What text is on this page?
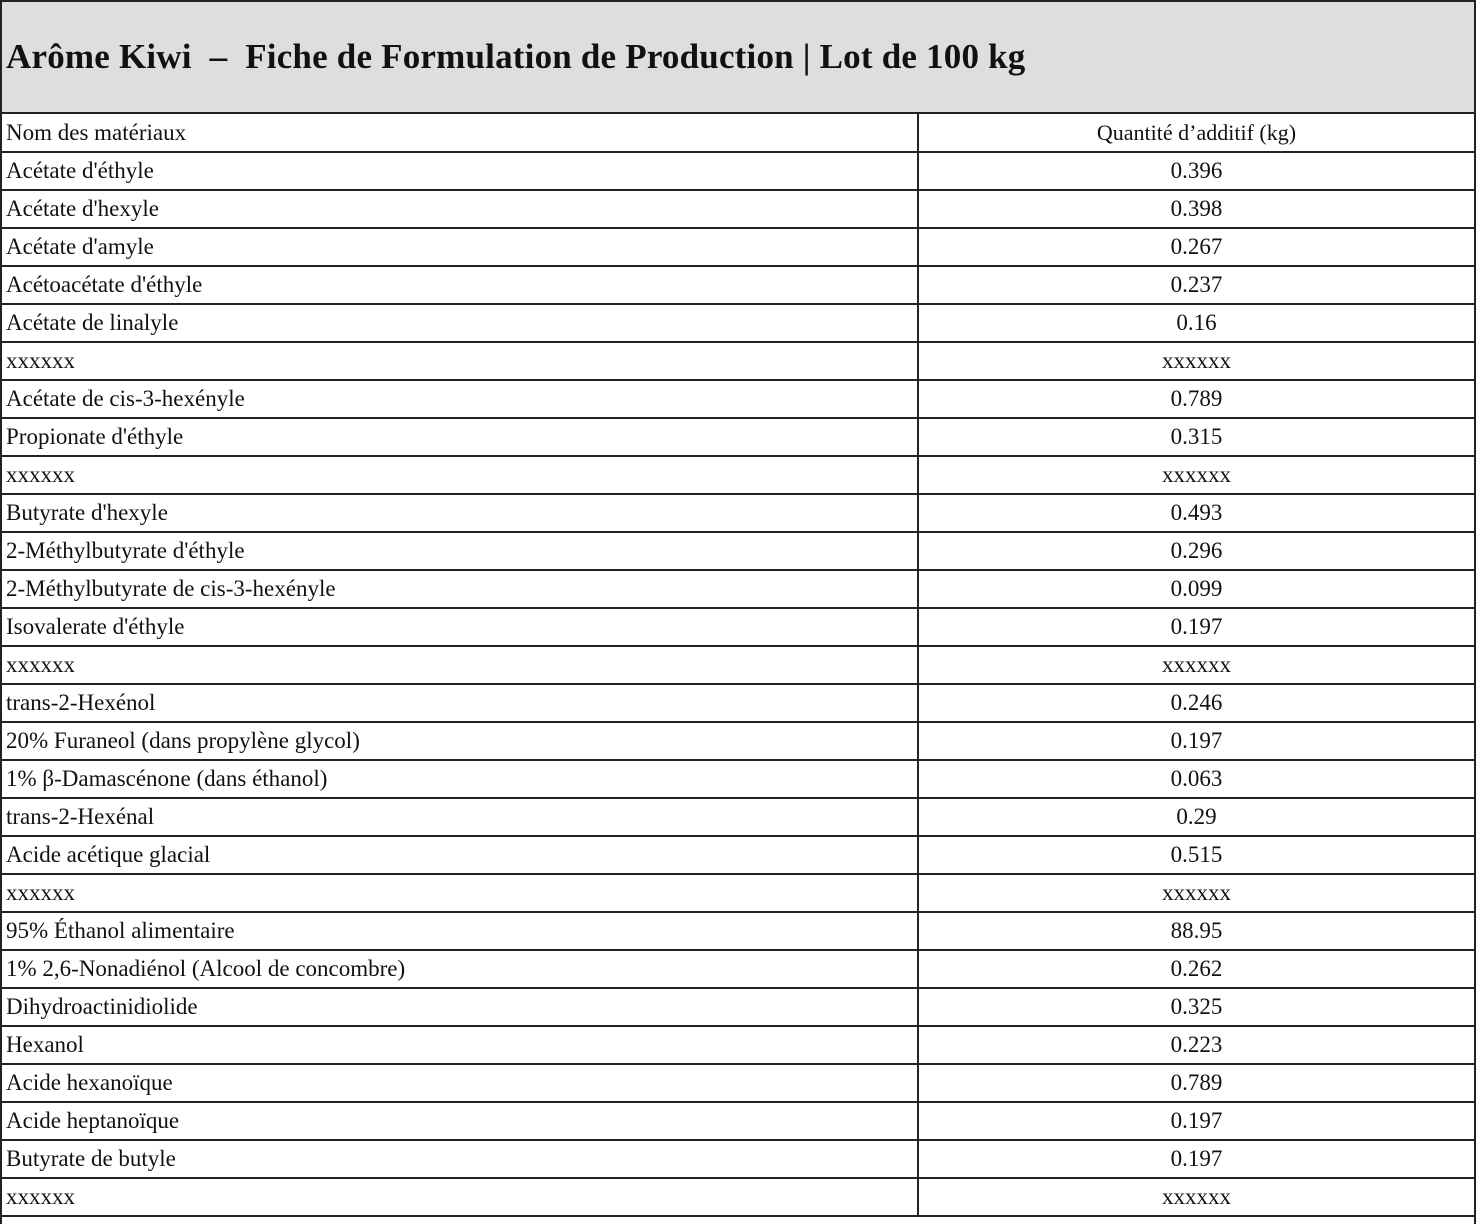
Arôme Kiwi  –  Fiche de Formulation de Production | Lot de 100 kg
Nom des matériaux	Quantité d’additif (kg)
Acétate d'éthyle	0.396
Acétate d'hexyle	0.398
Acétate d'amyle	0.267
Acétoacétate d'éthyle	0.237
Acétate de linalyle	0.16
xxxxxx	xxxxxx
Acétate de cis-3-hexényle	0.789
Propionate d'éthyle	0.315
xxxxxx	xxxxxx
Butyrate d'hexyle	0.493
2-Méthylbutyrate d'éthyle	0.296
2-Méthylbutyrate de cis-3-hexényle	0.099
Isovalerate d'éthyle	0.197
xxxxxx	xxxxxx
trans-2-Hexénol	0.246
20% Furaneol (dans propylène glycol)	0.197
1% β-Damascénone (dans éthanol)	0.063
trans-2-Hexénal	0.29
Acide acétique glacial	0.515
xxxxxx	xxxxxx
95% Éthanol alimentaire	88.95
1% 2,6-Nonadiénol (Alcool de concombre)	0.262
Dihydroactinidiolide	0.325
Hexanol	0.223
Acide hexanoïque	0.789
Acide heptanoïque	0.197
Butyrate de butyle	0.197
xxxxxx	xxxxxx
